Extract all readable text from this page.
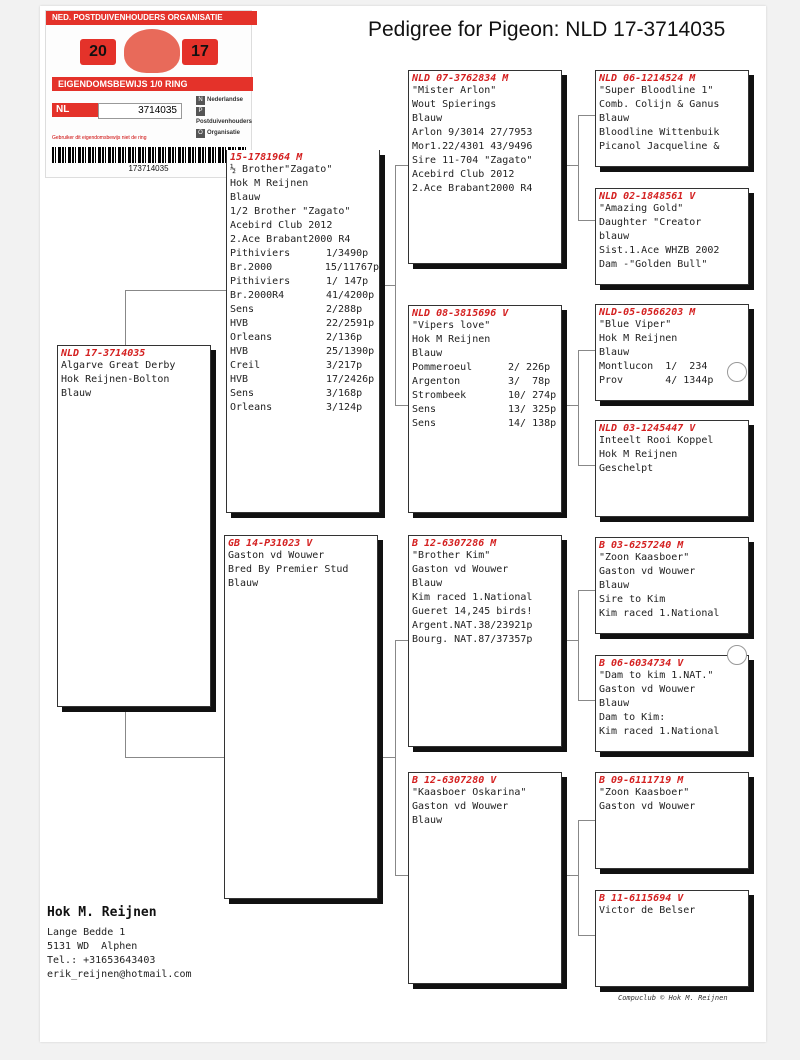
Pedigree for Pigeon: NLD 17-3714035
NED. POSTDUIVENHOUDERS ORGANISATIE
20	17
EIGENDOMSBEWIJS 1/0 RING
NL	3714035
N Nederlandse
PPostduivenhouders
O Organisatie
Gebruiker dit eigendomsbewijs niet de ring
173714035
NLD 17-3714035
Algarve Great Derby
Hok Reijnen-Bolton
Blauw
15-1781964 M
½ Brother"Zagato"
Hok M Reijnen
Blauw
1/2 Brother "Zagato"
Acebird Club 2012
2.Ace Brabant2000 R4
Pithiviers	1/3490p
Br.2000	15/11767p
Pithiviers	1/ 147p
Br.2000R4	41/4200p
Sens	2/288p
HVB	22/2591p
Orleans	2/136p
HVB	25/1390p
Creil	3/217p
HVB	17/2426p
Sens	3/168p
Orleans	3/124p
GB 14-P31023 V
Gaston vd Wouwer
Bred By Premier Stud
Blauw
NLD 07-3762834 M
"Mister Arlon"
Wout Spierings
Blauw
Arlon 9/3014 27/7953
Mor1.22/4301 43/9496
Sire 11-704 "Zagato"
Acebird Club 2012
2.Ace Brabant2000 R4
NLD 08-3815696 V
"Vipers love"
Hok M Reijnen
Blauw
Pommeroeul	2/ 226p
Argenton	3/  78p
Strombeek	10/ 274p
Sens	13/ 325p
Sens	14/ 138p
B 12-6307286 M
"Brother Kim"
Gaston vd Wouwer
Blauw
Kim raced 1.National
Gueret 14,245 birds!
Argent.NAT.38/23921p
Bourg. NAT.87/37357p
B 12-6307280 V
"Kaasboer Oskarina"
Gaston vd Wouwer
Blauw
NLD 06-1214524 M
"Super Bloodline 1"
Comb. Colijn & Ganus
Blauw
Bloodline Wittenbuik
Picanol Jacqueline &
NLD 02-1848561 V
"Amazing Gold"
Daughter "Creator
blauw
Sist.1.Ace WHZB 2002
Dam -"Golden Bull"
NLD-05-0566203 M
"Blue Viper"
Hok M Reijnen
Blauw
Montlucon  1/  234
Prov       4/ 1344p
NLD 03-1245447 V
Inteelt Rooi Koppel
Hok M Reijnen
Geschelpt
B 03-6257240 M
"Zoon Kaasboer"
Gaston vd Wouwer
Blauw
Sire to Kim
Kim raced 1.National
B 06-6034734 V
"Dam to kim 1.NAT."
Gaston vd Wouwer
Blauw
Dam to Kim:
Kim raced 1.National
B 09-6111719 M
"Zoon Kaasboer"
Gaston vd Wouwer
B 11-6115694 V
Victor de Belser
Hok M. Reijnen
Lange Bedde 1
5131 WD  Alphen
Tel.: +31653643403
erik_reijnen@hotmail.com
Compuclub © Hok M. Reijnen
